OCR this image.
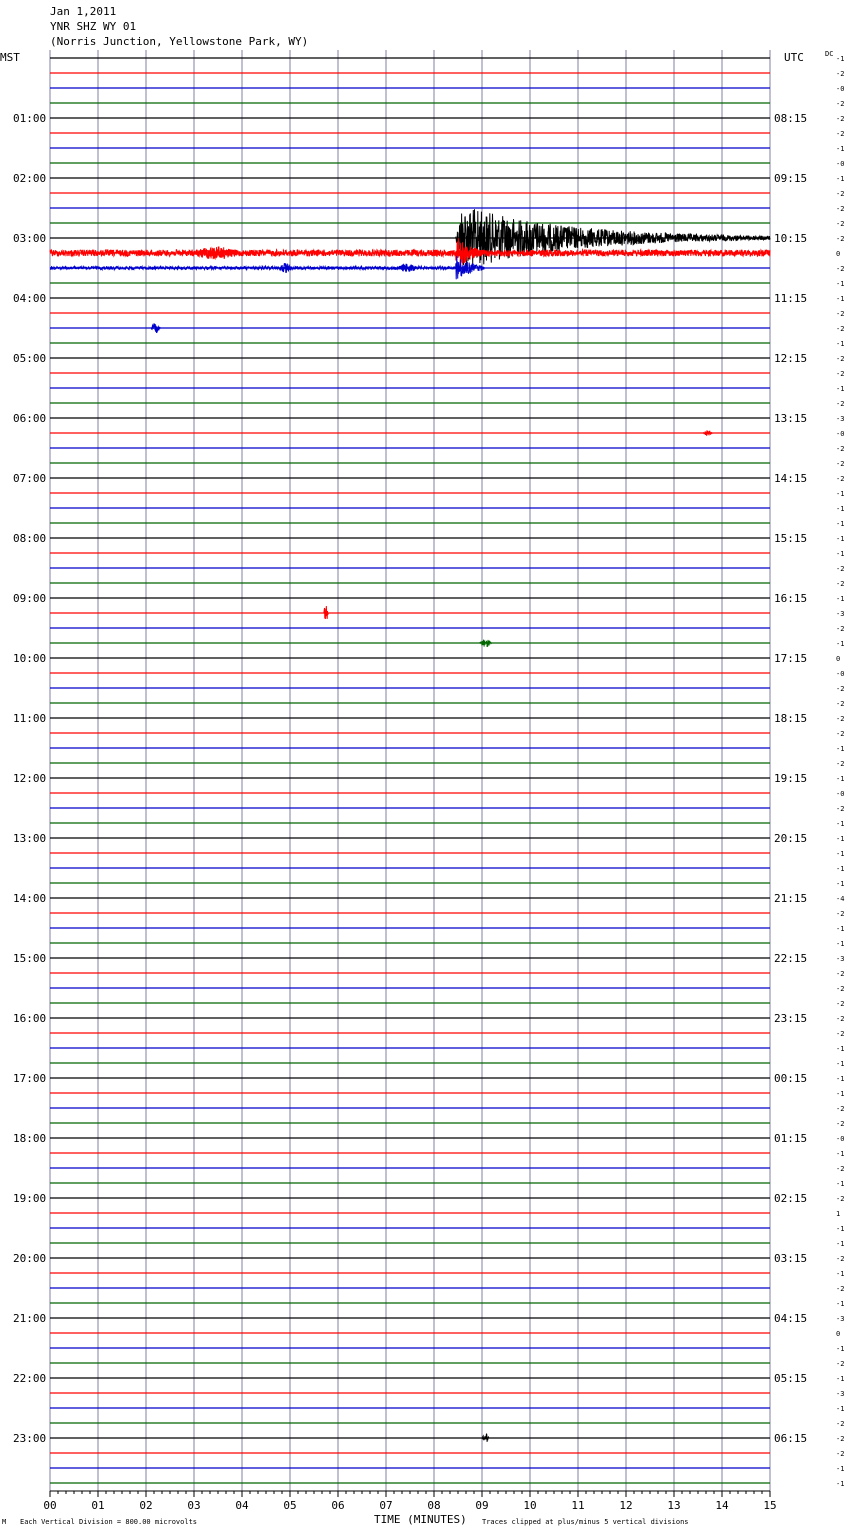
Jan 1,2011
YNR SHZ WY 01
(Norris Junction, Yellowstone Park, WY)
MST	UTC	DC
01:00	08:15
02:00	09:15
03:00	10:15
04:00	11:15
05:00	12:15
06:00	13:15
07:00	14:15
08:00	15:15
09:00	16:15
10:00	17:15
11:00	18:15
12:00	19:15
13:00	20:15
14:00	21:15
15:00	22:15
16:00	23:15
17:00	00:15
18:00	01:15
19:00	02:15
20:00	03:15
21:00	04:15
22:00	05:15
23:00	06:15
-1
-2
-0
-2
-2
-2
-1
-0
-1
-2
-2
-2
-2
0
-2
-1
-1
-2
-2
-1
-2
-2
-1
-2
-3
-0
-2
-2
-2
-1
-1
-1
-1
-1
-2
-2
-1
-3
-2
-1
0
-0
-2
-2
-2
-2
-1
-2
-1
-0
-2
-1
-1
-1
-1
-1
-4
-2
-1
-1
-3
-2
-2
-2
-2
-2
-1
-1
-1
-1
-2
-2
-0
-1
-2
-1
-2
1
-1
-1
-2
-1
-2
-1
-3
0
-1
-2
-1
-3
-1
-2
-2
-2
-1
-1
00	01	02	03	04	05	06	07	08	09	10	11	12	13	14	15
M Each Vertical Division = 800.00 microvolts	TIME (MINUTES) Traces clipped at plus/minus 5 vertical divisions
